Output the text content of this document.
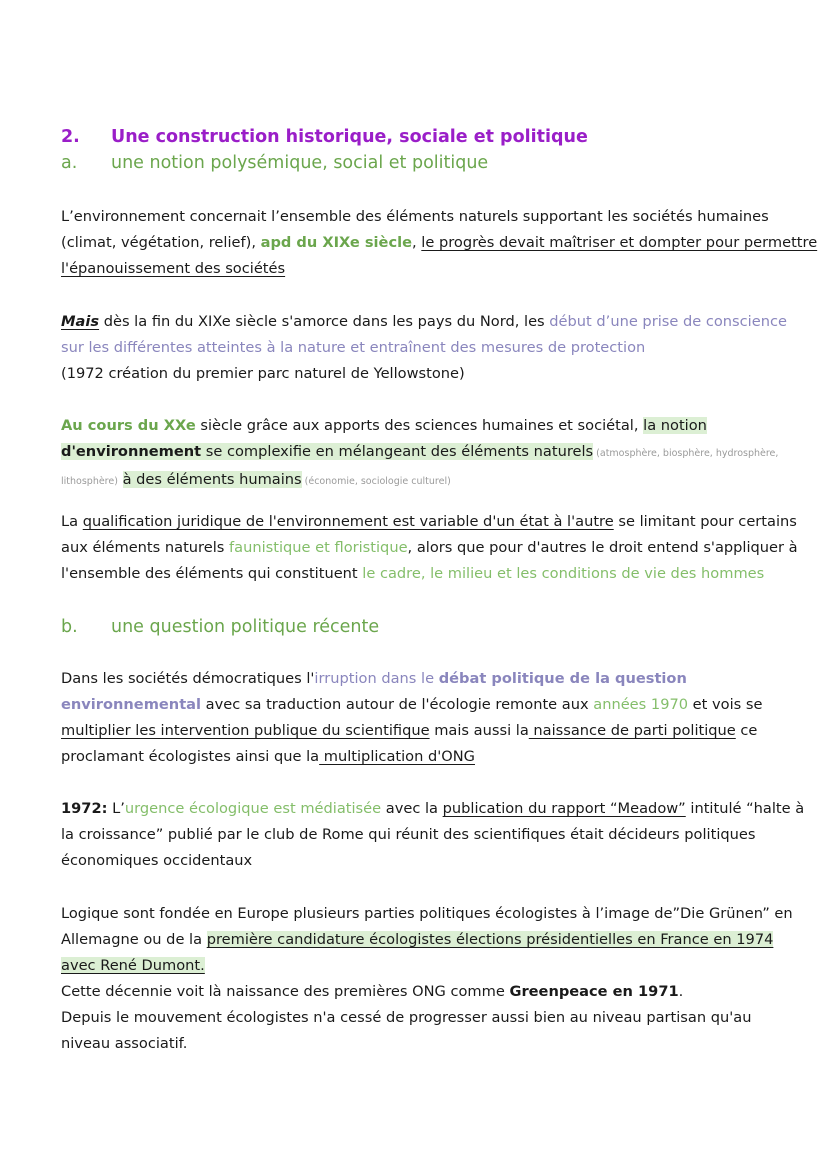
2. Une construction historique, sociale et politique
a. une notion polysémique, social et politique
L’environnement concernait l’ensemble des éléments naturels supportant les sociétés humaines
(climat, végétation, relief), apd du XIXe siècle, le progrès devait maîtriser et dompter pour permettre
l'épanouissement des sociétés
Mais dès la fin du XIXe siècle s'amorce dans les pays du Nord, les début d’une prise de conscience
sur les différentes atteintes à la nature et entraînent des mesures de protection
(1972 création du premier parc naturel de Yellowstone)
Au cours du XXe siècle grâce aux apports des sciences humaines et sociétal, la notion
d'environnement se complexifie en mélangeant des éléments naturels (atmosphère, biosphère, hydrosphère,
lithosphère) à des éléments humains (économie, sociologie culturel)
La qualification juridique de l'environnement est variable d'un état à l'autre se limitant pour certains
aux éléments naturels faunistique et floristique, alors que pour d'autres le droit entend s'appliquer à
l'ensemble des éléments qui constituent le cadre, le milieu et les conditions de vie des hommes
b. une question politique récente
Dans les sociétés démocratiques l'irruption dans le débat politique de la question
environnemental avec sa traduction autour de l'écologie remonte aux années 1970 et vois se
multiplier les intervention publique du scientifique mais aussi la naissance de parti politique ce
proclamant écologistes ainsi que la multiplication d'ONG
1972: L’urgence écologique est médiatisée avec la publication du rapport “Meadow” intitulé “halte à
la croissance” publié par le club de Rome qui réunit des scientifiques était décideurs politiques
économiques occidentaux
Logique sont fondée en Europe plusieurs parties politiques écologistes à l’image de”Die Grünen” en
Allemagne ou de la première candidature écologistes élections présidentielles en France en 1974
avec René Dumont.
Cette décennie voit là naissance des premières ONG comme Greenpeace en 1971.
Depuis le mouvement écologistes n'a cessé de progresser aussi bien au niveau partisan qu'au
niveau associatif.
